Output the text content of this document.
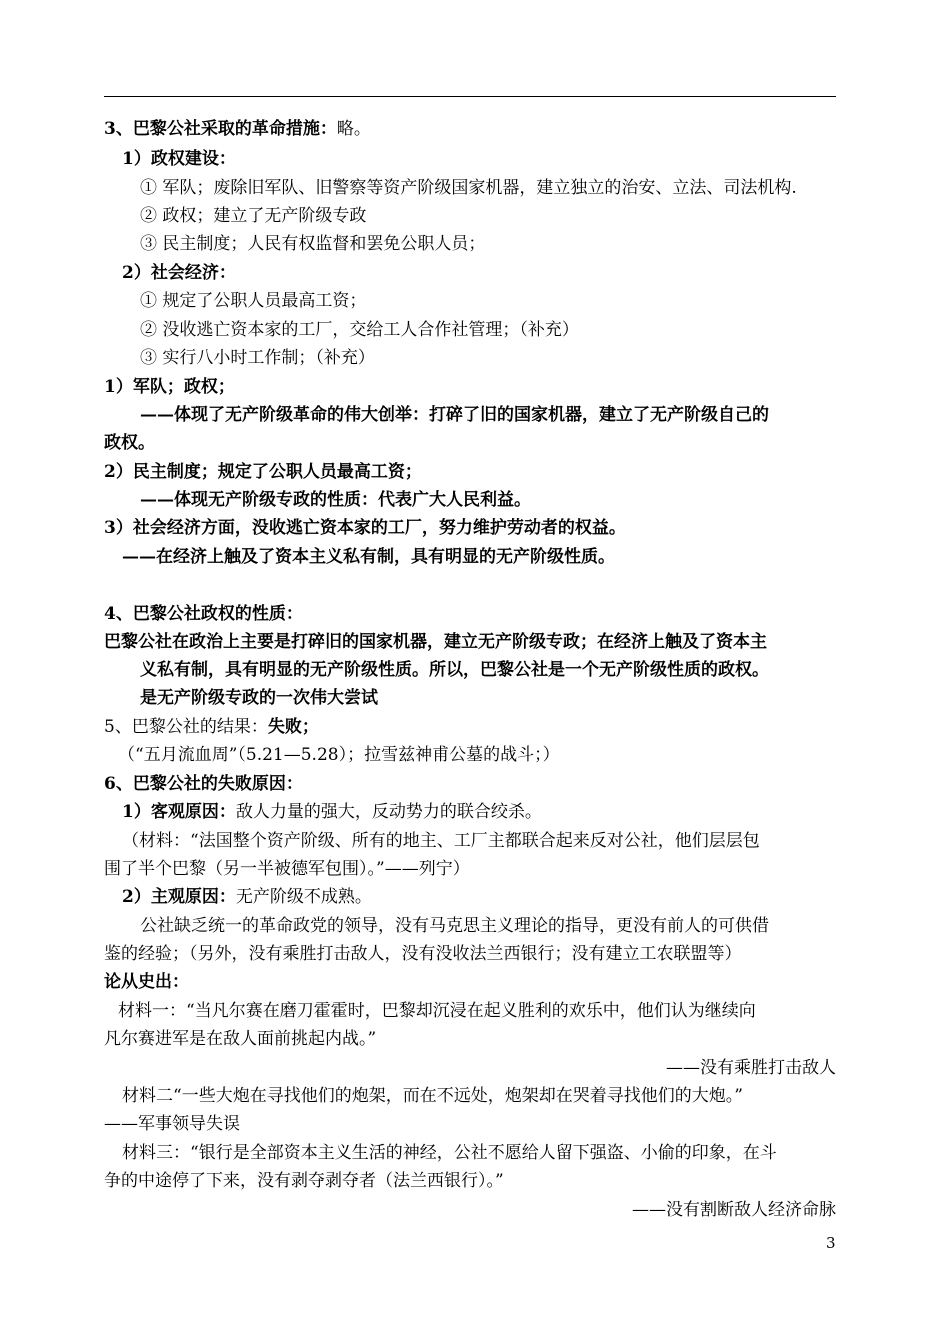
3、巴黎公社采取的革命措施：略。
1）政权建设：
① 军队；废除旧军队、旧警察等资产阶级国家机器，建立独立的治安、立法、司法机构.
② 政权；建立了无产阶级专政
③ 民主制度；人民有权监督和罢免公职人员；
2）社会经济：
① 规定了公职人员最高工资；
② 没收逃亡资本家的工厂，交给工人合作社管理；（补充）
③ 实行八小时工作制；（补充）
1）军队；政权；
——体现了无产阶级革命的伟大创举：打碎了旧的国家机器，建立了无产阶级自己的
政权。
2）民主制度；规定了公职人员最高工资；
——体现无产阶级专政的性质：代表广大人民利益。
3）社会经济方面，没收逃亡资本家的工厂，努力维护劳动者的权益。
——在经济上触及了资本主义私有制，具有明显的无产阶级性质。
4、巴黎公社政权的性质：
巴黎公社在政治上主要是打碎旧的国家机器，建立无产阶级专政；在经济上触及了资本主
义私有制，具有明显的无产阶级性质。所以，巴黎公社是一个无产阶级性质的政权。
是无产阶级专政的一次伟大尝试
5、巴黎公社的结果：失败；
（“五月流血周”（5.21—5.28）；拉雪兹神甫公墓的战斗；）
6、巴黎公社的失败原因：
1）客观原因：敌人力量的强大，反动势力的联合绞杀。
（材料：“法国整个资产阶级、所有的地主、工厂主都联合起来反对公社，他们层层包
围了半个巴黎（另一半被德军包围）。”——列宁）
2）主观原因：无产阶级不成熟。
公社缺乏统一的革命政党的领导，没有马克思主义理论的指导，更没有前人的可供借
鉴的经验；（另外，没有乘胜打击敌人，没有没收法兰西银行；没有建立工农联盟等）
论从史出：
材料一：“当凡尔赛在磨刀霍霍时，巴黎却沉浸在起义胜利的欢乐中，他们认为继续向
凡尔赛进军是在敌人面前挑起内战。”
——没有乘胜打击敌人
材料二“一些大炮在寻找他们的炮架，而在不远处，炮架却在哭着寻找他们的大炮。”
——军事领导失误
材料三：“银行是全部资本主义生活的神经，公社不愿给人留下强盗、小偷的印象，在斗
争的中途停了下来，没有剥夺剥夺者（法兰西银行）。”
——没有割断敌人经济命脉
3
